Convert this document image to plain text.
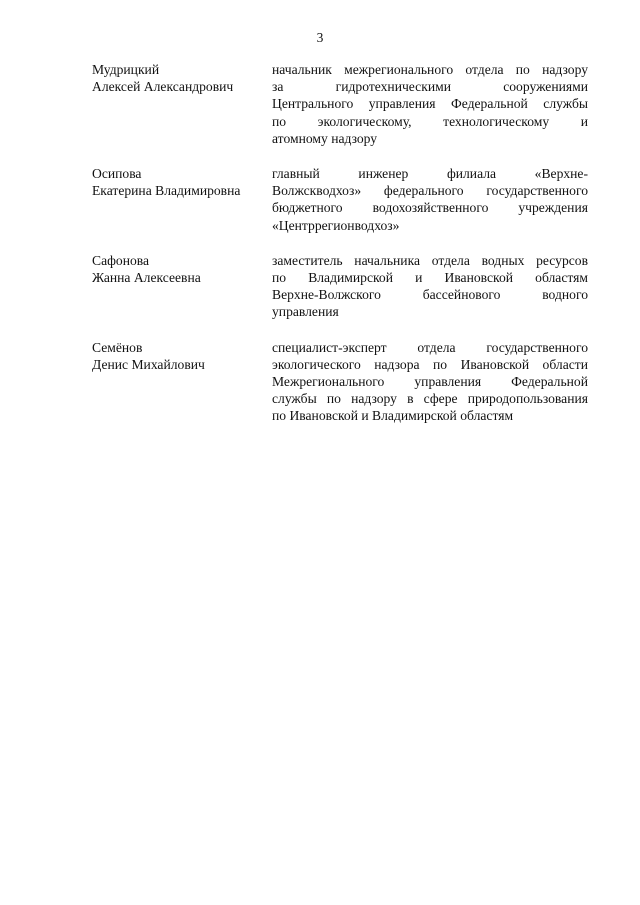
3
Мудрицкий
Алексей Александрович
начальник межрегионального отдела по надзору
за гидротехническими сооружениями
Центрального управления Федеральной службы
по экологическому, технологическому и
атомному надзору
Осипова
Екатерина Владимировна
главный инженер филиала «Верхне-
Волжскводхоз» федерального государственного
бюджетного водохозяйственного учреждения
«Центррегионводхоз»
Сафонова
Жанна Алексеевна
заместитель начальника отдела водных ресурсов
по Владимирской и Ивановской областям
Верхне-Волжского бассейнового водного
управления
Семёнов
Денис Михайлович
специалист-эксперт отдела государственного
экологического надзора по Ивановской области
Межрегионального управления Федеральной
службы по надзору в сфере природопользования
по Ивановской и Владимирской областям
